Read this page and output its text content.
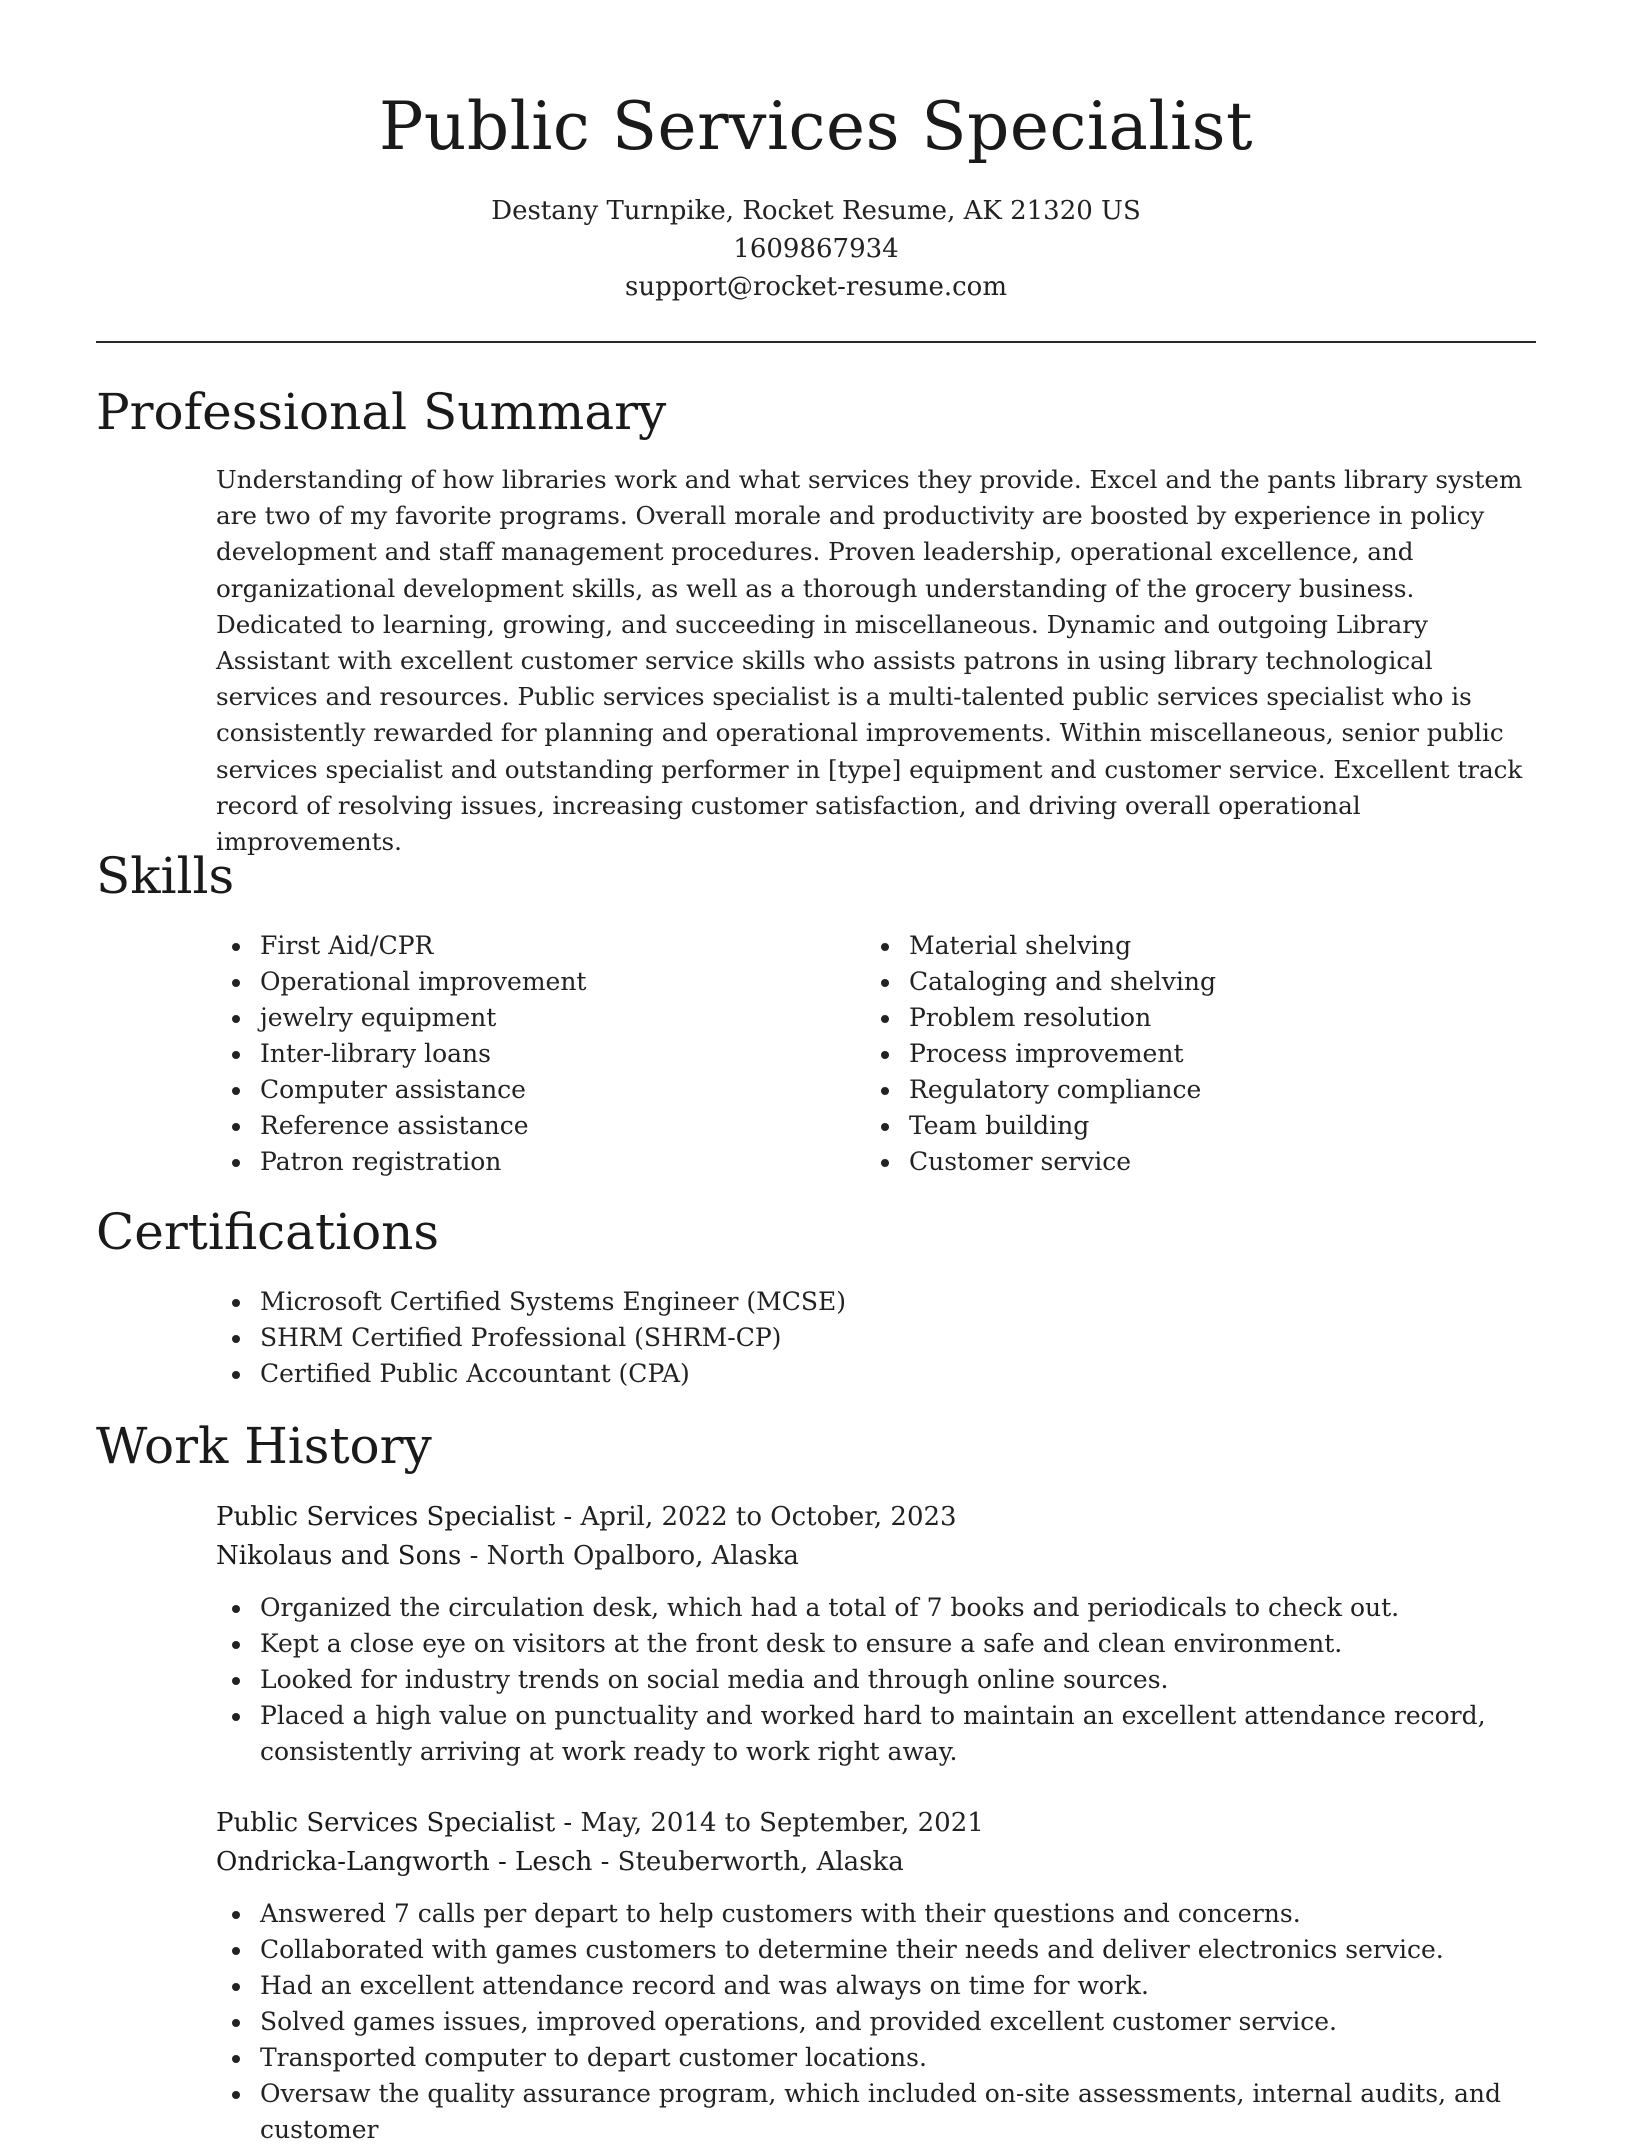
Public Services Specialist
Destany Turnpike, Rocket Resume, AK 21320 US
1609867934
support@rocket-resume.com
Professional Summary

Understanding of how libraries work and what services they provide. Excel and the pants library system are two of my favorite programs. Overall morale and productivity are boosted by experience in policy development and staff management procedures. Proven leadership, operational excellence, and organizational development skills, as well as a thorough understanding of the grocery business. Dedicated to learning, growing, and succeeding in miscellaneous. Dynamic and outgoing Library Assistant with excellent customer service skills who assists patrons in using library technological services and resources. Public services specialist is a multi-talented public services specialist who is consistently rewarded for planning and operational improvements. Within miscellaneous, senior public services specialist and outstanding performer in [type] equipment and customer service. Excellent track record of resolving issues, increasing customer satisfaction, and driving overall operational improvements.

Skills
First Aid/CPR
Operational improvement
jewelry equipment
Inter-library loans
Computer assistance
Reference assistance
Patron registration
Material shelving
Cataloging and shelving
Problem resolution
Process improvement
Regulatory compliance
Team building
Customer service
Certifications
Microsoft Certified Systems Engineer (MCSE)
SHRM Certified Professional (SHRM-CP)
Certified Public Accountant (CPA)
Work History
Public Services Specialist - April, 2022 to October, 2023
Nikolaus and Sons - North Opalboro, Alaska
Organized the circulation desk, which had a total of 7 books and periodicals to check out.
Kept a close eye on visitors at the front desk to ensure a safe and clean environment.
Looked for industry trends on social media and through online sources.
Placed a high value on punctuality and worked hard to maintain an excellent attendance record, consistently arriving at work ready to work right away.
Public Services Specialist - May, 2014 to September, 2021
Ondricka-Langworth - Lesch - Steuberworth, Alaska
Answered 7 calls per depart to help customers with their questions and concerns.
Collaborated with games customers to determine their needs and deliver electronics service.
Had an excellent attendance record and was always on time for work.
Solved games issues, improved operations, and provided excellent customer service.
Transported computer to depart customer locations.
Oversaw the quality assurance program, which included on-site assessments, internal audits, and customer
